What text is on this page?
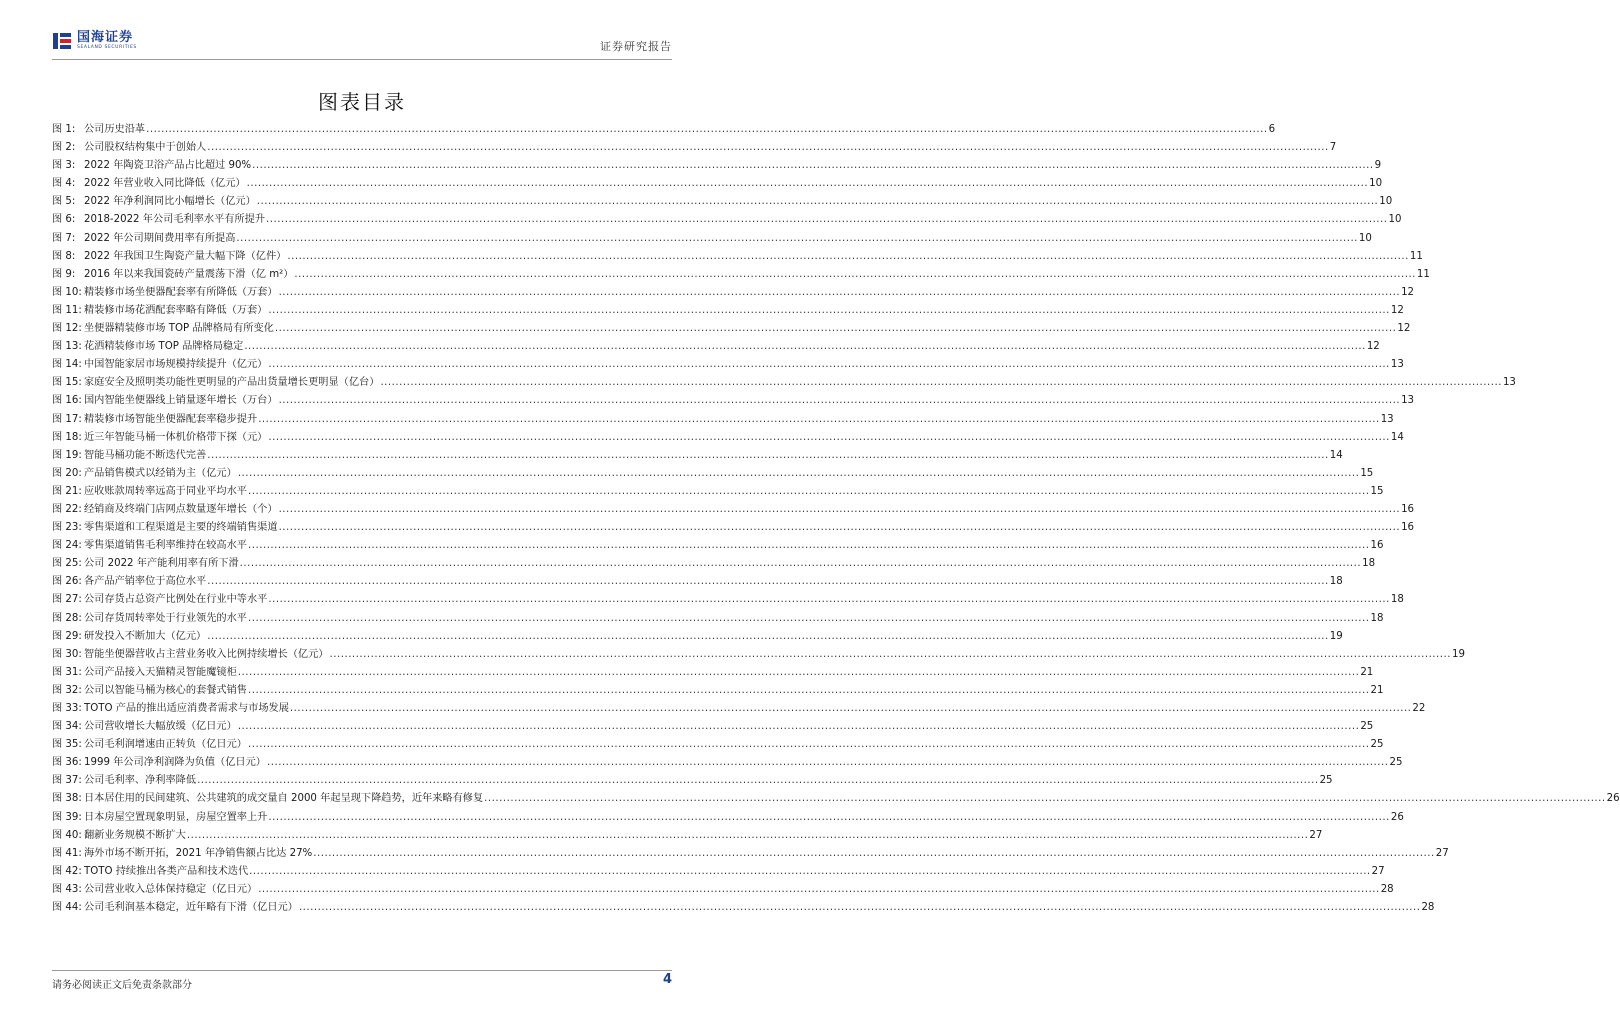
国海证券
SEALAND SECURITIES	证券研究报告
图表目录
图 1: 公司历史沿革 .....	6
图 2: 公司股权结构集中于创始人 .....	7
图 3: 2022 年陶瓷卫浴产品占比超过 90% .....	9
图 4: 2022 年营业收入同比降低（亿元） .....	10
图 5: 2022 年净利润同比小幅增长（亿元） .....	10
图 6: 2018-2022 年公司毛利率水平有所提升 .....	10
图 7: 2022 年公司期间费用率有所提高 .....	10
图 8: 2022 年我国卫生陶瓷产量大幅下降（亿件） .....	11
图 9: 2016 年以来我国瓷砖产量震荡下滑（亿 m²） .....	11
图 10: 精装修市场坐便器配套率有所降低（万套） .....	12
图 11: 精装修市场花洒配套率略有降低（万套） .....	12
图 12: 坐便器精装修市场 TOP 品牌格局有所变化 .....	12
图 13: 花洒精装修市场 TOP 品牌格局稳定 .....	12
图 14: 中国智能家居市场规模持续提升（亿元） .....	13
图 15: 家庭安全及照明类功能性更明显的产品出货量增长更明显（亿台） .....	13
图 16: 国内智能坐便器线上销量逐年增长（万台） .....	13
图 17: 精装修市场智能坐便器配套率稳步提升 .....	13
图 18: 近三年智能马桶一体机价格带下探（元） .....	14
图 19: 智能马桶功能不断迭代完善 .....	14
图 20: 产品销售模式以经销为主（亿元） .....	15
图 21: 应收账款周转率远高于同业平均水平 .....	15
图 22: 经销商及终端门店网点数量逐年增长（个） .....	16
图 23: 零售渠道和工程渠道是主要的终端销售渠道 .....	16
图 24: 零售渠道销售毛利率维持在较高水平 .....	16
图 25: 公司 2022 年产能利用率有所下滑 .....	18
图 26: 各产品产销率位于高位水平 .....	18
图 27: 公司存货占总资产比例处在行业中等水平 .....	18
图 28: 公司存货周转率处于行业领先的水平 .....	18
图 29: 研发投入不断加大（亿元） .....	19
图 30: 智能坐便器营收占主营业务收入比例持续增长（亿元） .....	19
图 31: 公司产品接入天猫精灵智能魔镜柜 .....	21
图 32: 公司以智能马桶为核心的套餐式销售 .....	21
图 33: TOTO 产品的推出适应消费者需求与市场发展 .....	22
图 34: 公司营收增长大幅放缓（亿日元） .....	25
图 35: 公司毛利润增速由正转负（亿日元） .....	25
图 36: 1999 年公司净利润降为负值（亿日元） .....	25
图 37: 公司毛利率、净利率降低 .....	25
图 38: 日本居住用的民间建筑、公共建筑的成交量自 2000 年起呈现下降趋势，近年来略有修复 .....	26
图 39: 日本房屋空置现象明显，房屋空置率上升 .....	26
图 40: 翻新业务规模不断扩大 .....	27
图 41: 海外市场不断开拓，2021 年净销售额占比达 27% .....	27
图 42: TOTO 持续推出各类产品和技术迭代 .....	27
图 43: 公司营业收入总体保持稳定（亿日元） .....	28
图 44: 公司毛利润基本稳定，近年略有下滑（亿日元） .....	28
请务必阅读正文后免责条款部分	4
